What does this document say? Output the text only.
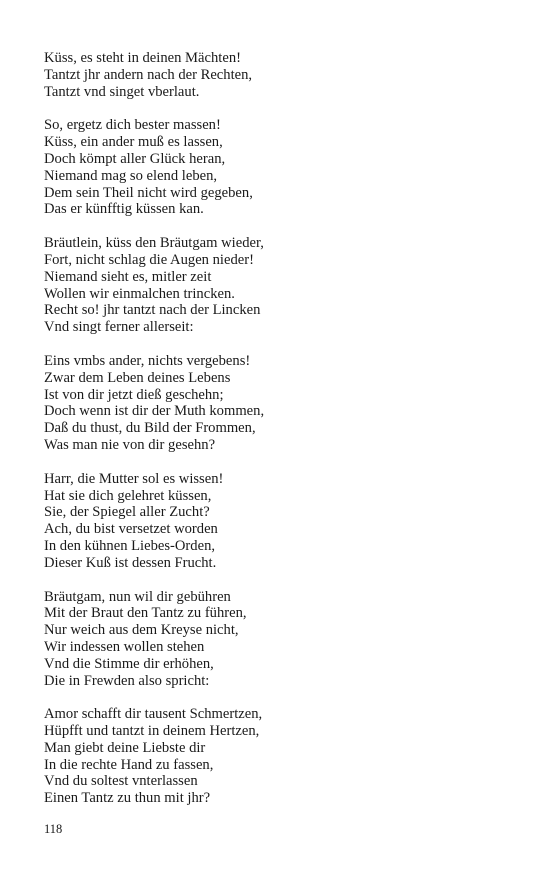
Küss, es steht in deinen Mächten!
Tantzt jhr andern nach der Rechten,
Tantzt vnd singet vberlaut.
So, ergetz dich bester massen!
Küss, ein ander muß es lassen,
Doch kömpt aller Glück heran,
Niemand mag so elend leben,
Dem sein Theil nicht wird gegeben,
Das er künfftig küssen kan.
Bräutlein, küss den Bräutgam wieder,
Fort, nicht schlag die Augen nieder!
Niemand sieht es, mitler zeit
Wollen wir einmalchen trincken.
Recht so! jhr tantzt nach der Lincken
Vnd singt ferner allerseit:
Eins vmbs ander, nichts vergebens!
Zwar dem Leben deines Lebens
Ist von dir jetzt dieß geschehn;
Doch wenn ist dir der Muth kommen,
Daß du thust, du Bild der Frommen,
Was man nie von dir gesehn?
Harr, die Mutter sol es wissen!
Hat sie dich gelehret küssen,
Sie, der Spiegel aller Zucht?
Ach, du bist versetzet worden
In den kühnen Liebes-Orden,
Dieser Kuß ist dessen Frucht.
Bräutgam, nun wil dir gebühren
Mit der Braut den Tantz zu führen,
Nur weich aus dem Kreyse nicht,
Wir indessen wollen stehen
Vnd die Stimme dir erhöhen,
Die in Frewden also spricht:
Amor schafft dir tausent Schmertzen,
Hüpfft und tantzt in deinem Hertzen,
Man giebt deine Liebste dir
In die rechte Hand zu fassen,
Vnd du soltest vnterlassen
Einen Tantz zu thun mit jhr?
118
